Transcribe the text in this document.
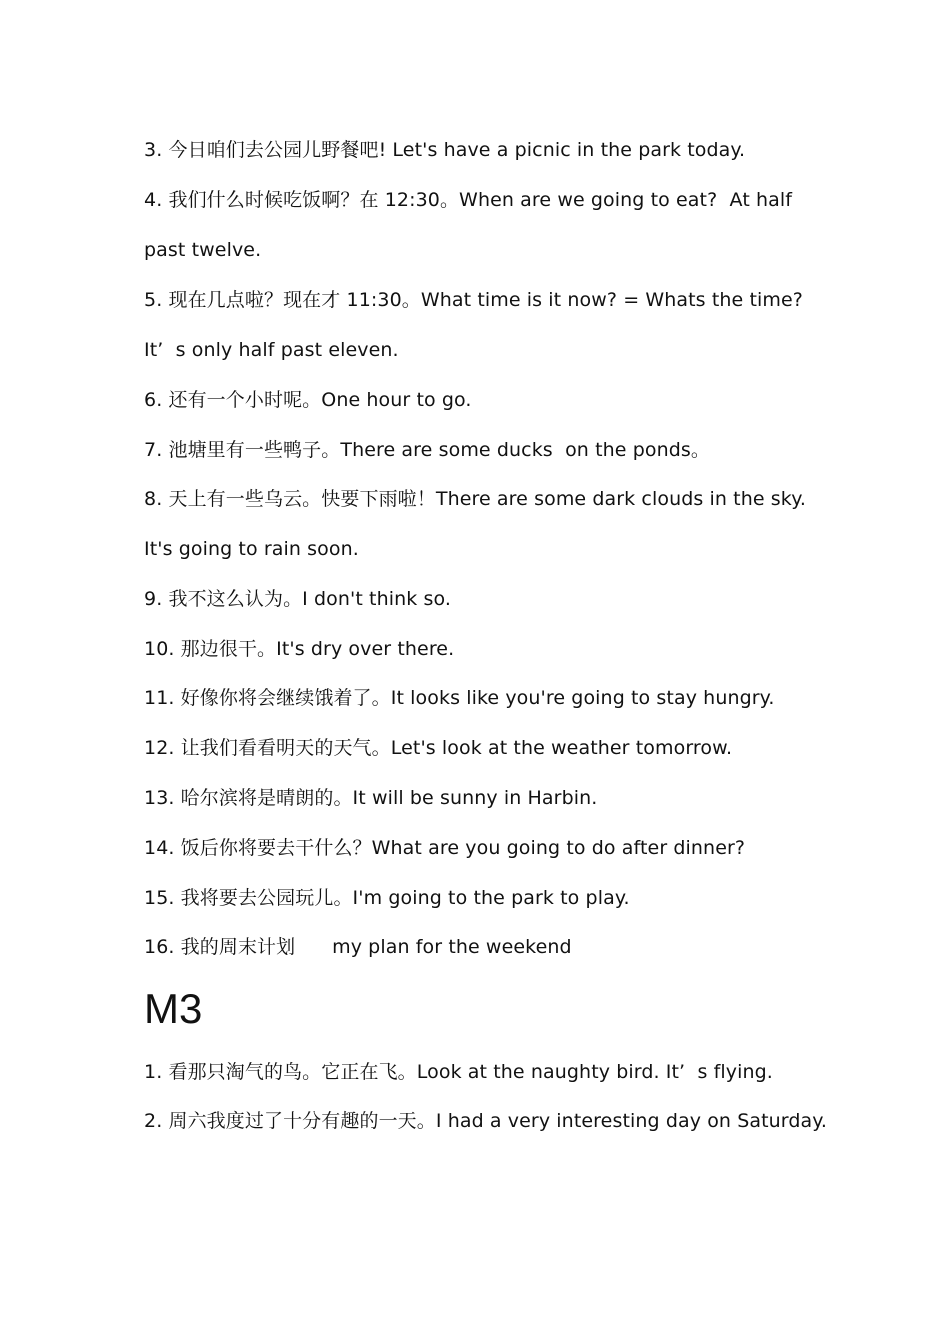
3. 今日咱们去公园儿野餐吧! Let's have a picnic in the park today.
4. 我们什么时候吃饭啊？在 12:30。When are we going to eat?  At half
past twelve.
5. 现在几点啦？现在才 11:30。What time is it now? = Whats the time?
It’  s only half past eleven.
6. 还有一个小时呢。One hour to go.
7. 池塘里有一些鸭子。There are some ducks  on the ponds。
8. 天上有一些乌云。快要下雨啦！There are some dark clouds in the sky.
It's going to rain soon.
9. 我不这么认为。I don't think so.
10. 那边很干。It's dry over there.
11. 好像你将会继续饿着了。It looks like you're going to stay hungry.
12. 让我们看看明天的天气。Let's look at the weather tomorrow.
13. 哈尔滨将是晴朗的。It will be sunny in Harbin.
14. 饭后你将要去干什么？What are you going to do after dinner?
15. 我将要去公园玩儿。I'm going to the park to play.
16. 我的周末计划      my plan for the weekend
M3
1. 看那只淘气的鸟。它正在飞。Look at the naughty bird. It’  s flying.
2. 周六我度过了十分有趣的一天。I had a very interesting day on Saturday.
